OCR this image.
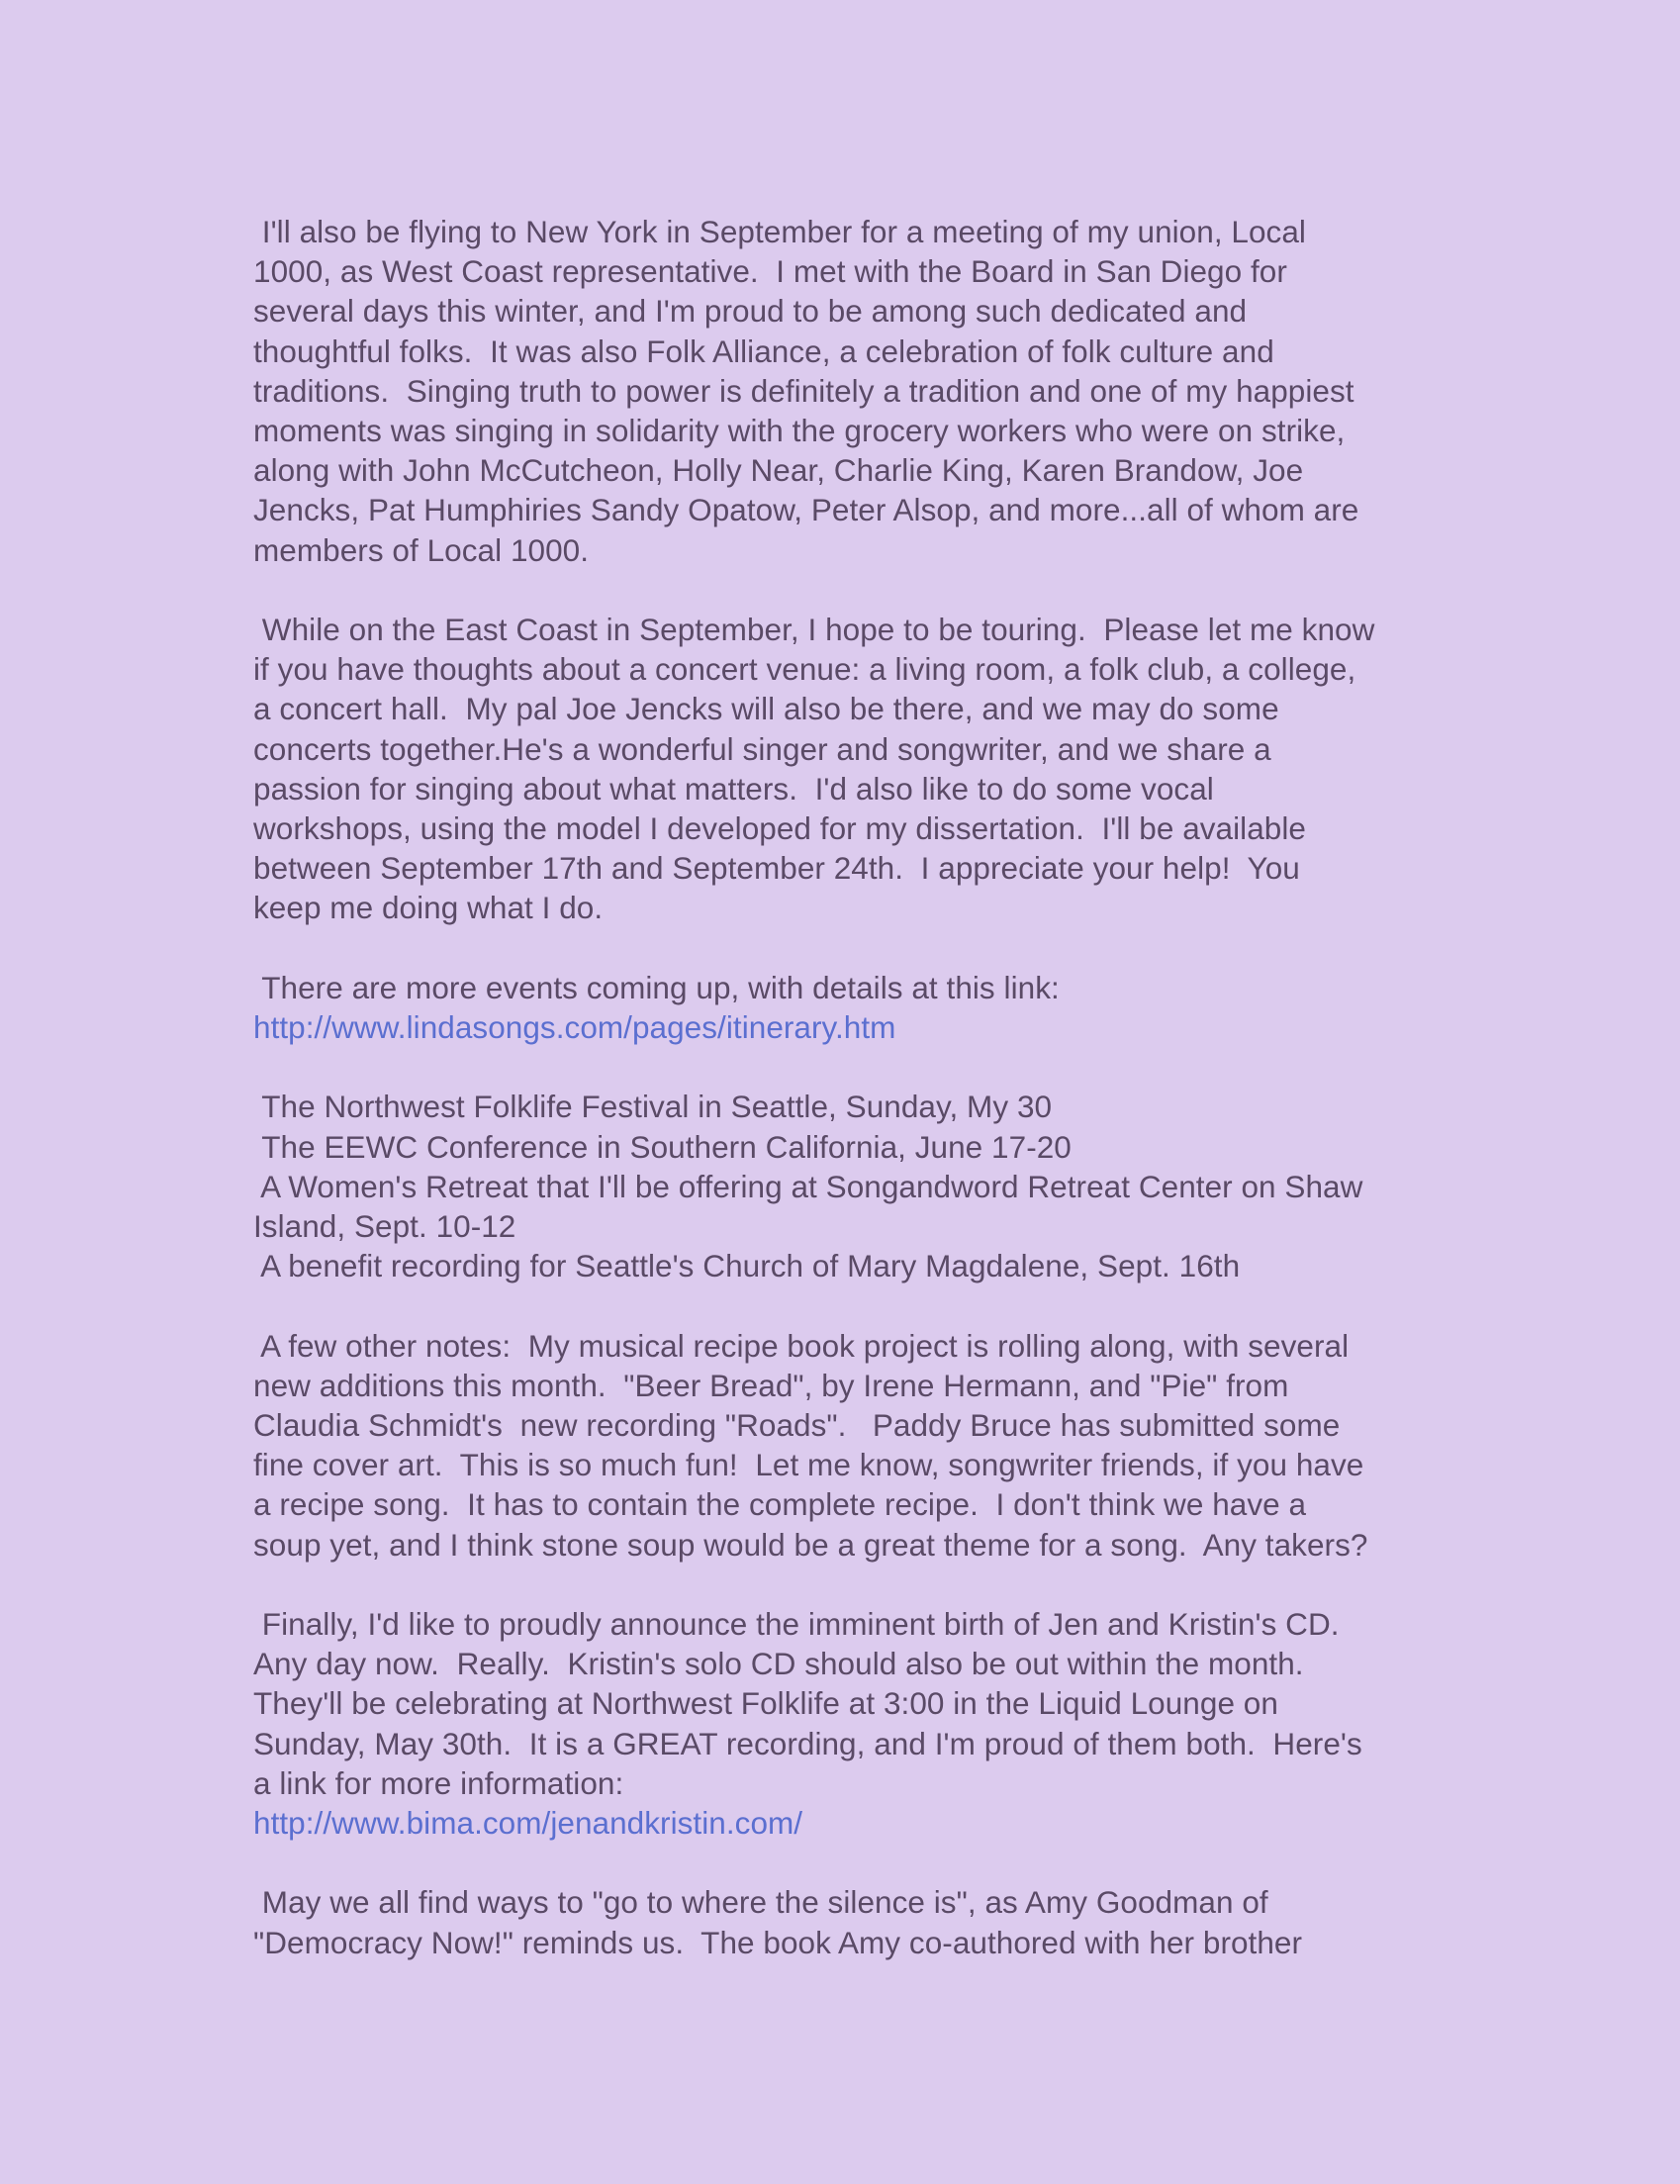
I'll also be flying to New York in September for a meeting of my union, Local
1000, as West Coast representative.  I met with the Board in San Diego for
several days this winter, and I'm proud to be among such dedicated and
thoughtful folks.  It was also Folk Alliance, a celebration of folk culture and
traditions.  Singing truth to power is definitely a tradition and one of my happiest
moments was singing in solidarity with the grocery workers who were on strike,
along with John McCutcheon, Holly Near, Charlie King, Karen Brandow, Joe
Jencks, Pat Humphiries Sandy Opatow, Peter Alsop, and more...all of whom are
members of Local 1000.
While on the East Coast in September, I hope to be touring.  Please let me know
if you have thoughts about a concert venue: a living room, a folk club, a college,
a concert hall.  My pal Joe Jencks will also be there, and we may do some
concerts together.He's a wonderful singer and songwriter, and we share a
passion for singing about what matters.  I'd also like to do some vocal
workshops, using the model I developed for my dissertation.  I'll be available
between September 17th and September 24th.  I appreciate your help!  You
keep me doing what I do.
There are more events coming up, with details at this link:
http://www.lindasongs.com/pages/itinerary.htm
The Northwest Folklife Festival in Seattle, Sunday, My 30
The EEWC Conference in Southern California, June 17-20
A Women's Retreat that I'll be offering at Songandword Retreat Center on Shaw
Island, Sept. 10-12
A benefit recording for Seattle's Church of Mary Magdalene, Sept. 16th
A few other notes:  My musical recipe book project is rolling along, with several
new additions this month.  "Beer Bread", by Irene Hermann, and "Pie" from
Claudia Schmidt's  new recording "Roads".   Paddy Bruce has submitted some
fine cover art.  This is so much fun!  Let me know, songwriter friends, if you have
a recipe song.  It has to contain the complete recipe.  I don't think we have a
soup yet, and I think stone soup would be a great theme for a song.  Any takers?
Finally, I'd like to proudly announce the imminent birth of Jen and Kristin's CD.
Any day now.  Really.  Kristin's solo CD should also be out within the month.
They'll be celebrating at Northwest Folklife at 3:00 in the Liquid Lounge on
Sunday, May 30th.  It is a GREAT recording, and I'm proud of them both.  Here's
a link for more information:
http://www.bima.com/jenandkristin.com/
May we all find ways to "go to where the silence is", as Amy Goodman of
"Democracy Now!" reminds us.  The book Amy co-authored with her brother
